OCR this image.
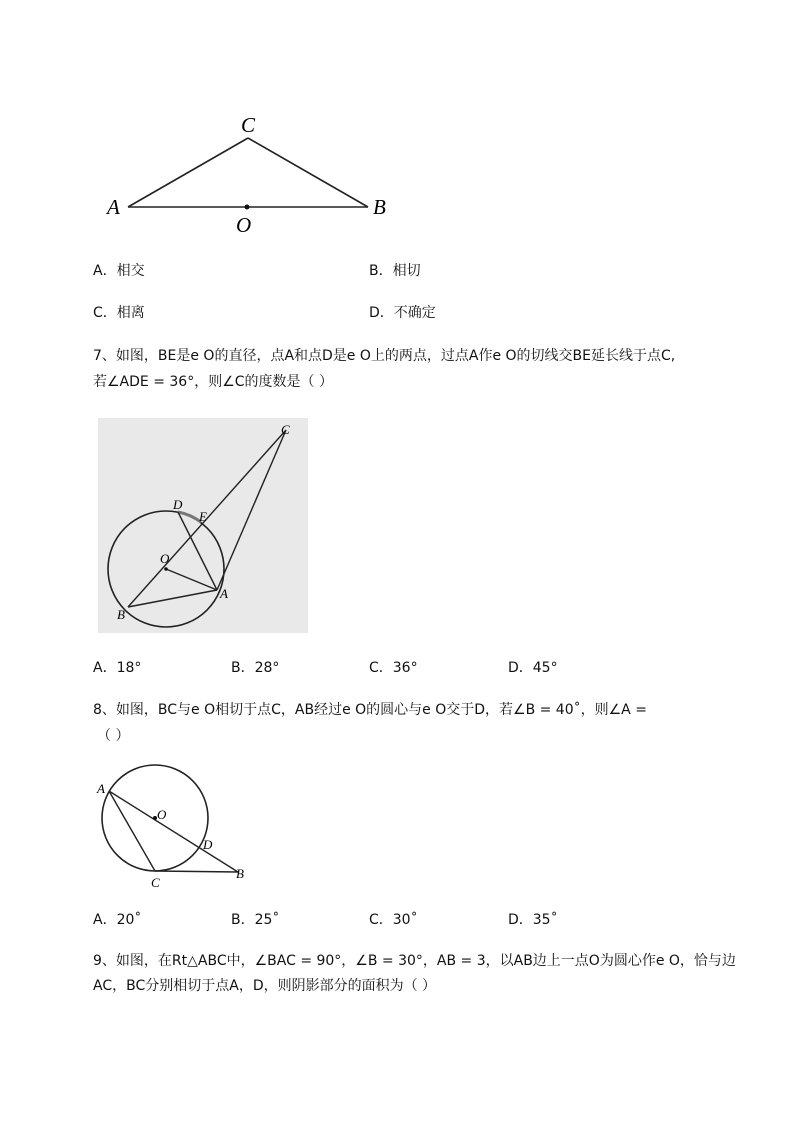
C
A	B
O
A．相交	B．相切
C．相离	D．不确定
7、如图，BE是e O的直径，点A和点D是e O上的两点，过点A作e O的切线交BE延长线于点C,
若∠ADE = 36°，则∠C的度数是（ ）
C
D
E
O
A
B
A．18°	B．28°	C．36°	D．45°
8、如图，BC与e O相切于点C，AB经过e O的圆心与e O交于D，若∠B = 40˚，则∠A =
（ ）
A
O
D
C
B
A．20˚	B．25˚	C．30˚	D．35˚
9、如图，在Rt△ABC中，∠BAC = 90°，∠B = 30°，AB = 3，以AB边上一点O为圆心作e O，恰与边
AC，BC分别相切于点A，D，则阴影部分的面积为（ ）
